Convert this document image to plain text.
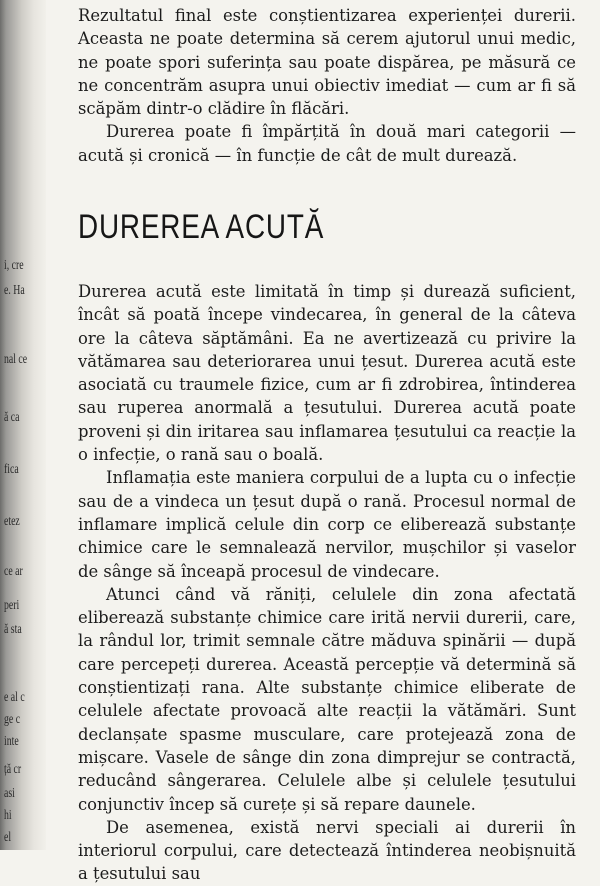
i, cre
e. Ha
nal ce
ă ca
fica
etez
ce ar
peri
ă sta
e al c
ge c
inte
ță cr
asi
hi
el

Rezultatul final este conștientizarea experienței durerii. Aceasta ne poate determina să cerem ajutorul unui medic, ne poate spori suferința sau poate dispărea, pe măsură ce ne concentrăm asupra unui obiectiv imediat — cum ar fi să scăpăm dintr-o clădire în flăcări.

Durerea poate fi împărțită în două mari categorii — acută și cronică — în funcție de cât de mult durează.

DUREREA ACUTĂ

Durerea acută este limitată în timp și durează suficient, încât să poată începe vindecarea, în general de la câteva ore la câteva săptămâni. Ea ne avertizează cu privire la vătămarea sau deteriorarea unui țesut. Durerea acută este asociată cu traumele fizice, cum ar fi zdrobirea, întinderea sau ruperea anormală a țesutului. Durerea acută poate proveni și din iritarea sau inflamarea țesutului ca reacție la o infecție, o rană sau o boală.

Inflamația este maniera corpului de a lupta cu o infecție sau de a vindeca un țesut după o rană. Procesul normal de inflamare implică celule din corp ce eliberează substanțe chimice care le semnalează nervilor, mușchilor și vaselor de sânge să înceapă procesul de vindecare.

Atunci când vă răniți, celulele din zona afectată eliberează substanțe chimice care irită nervii durerii, care, la rândul lor, trimit semnale către măduva spinării — după care percepeți durerea. Această percepție vă determină să conștientizați rana. Alte substanțe chimice eliberate de celulele afectate provoacă alte reacții la vătămări. Sunt declanșate spasme musculare, care protejează zona de mișcare. Vasele de sânge din zona dimprejur se contractă, reducând sângerarea. Celulele albe și celulele țesutului conjunctiv încep să curețe și să repare daunele.

De asemenea, există nervi speciali ai durerii în interiorul corpului, care detectează întinderea neobișnuită a țesutului sau
